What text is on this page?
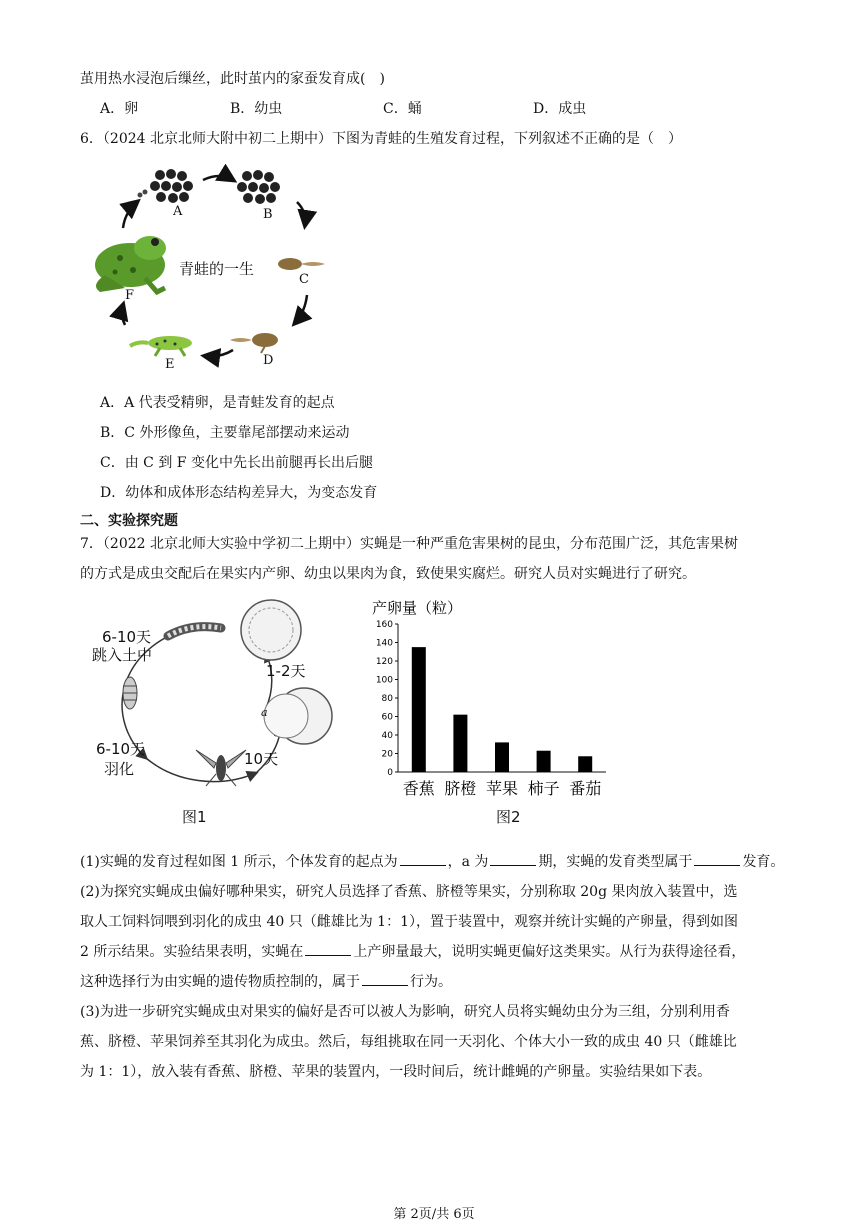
茧用热水浸泡后缫丝，此时茧内的家蚕发育成(　)
A．卵	B．幼虫	C．蛹	D．成虫
6．（2024 北京北师大附中初二上期中）下图为青蛙的生殖发育过程，下列叙述不正确的是（　）
青蛙的一生
A	B
C
D
E
F
A．A 代表受精卵，是青蛙发育的起点
B．C 外形像鱼，主要靠尾部摆动来运动
C．由 C 到 F 变化中先长出前腿再长出后腿
D．幼体和成体形态结构差异大，为变态发育
二、实验探究题
7．（2022 北京北师大实验中学初二上期中）实蝇是一种严重危害果树的昆虫，分布范围广泛，其危害果树
的方式是成虫交配后在果实内产卵、幼虫以果肉为食，致使果实腐烂。研究人员对实蝇进行了研究。
6-10天
跳入土中
1-2天
6-10天
羽化
10天
a
图1
产卵量（粒）
0
20
40
60
80
100
120
140
160
香蕉 脐橙 苹果 柿子 番茄
图2
(1)实蝇的发育过程如图 1 所示，个体发育的起点为	，a 为	期，实蝇的发育类型属于	发育。
(2)为探究实蝇成虫偏好哪种果实，研究人员选择了香蕉、脐橙等果实，分别称取 20g 果肉放入装置中，选
取人工饲料饲喂到羽化的成虫 40 只（雌雄比为 1：1），置于装置中，观察并统计实蝇的产卵量，得到如图
2 所示结果。实验结果表明，实蝇在	上产卵量最大，说明实蝇更偏好这类果实。从行为获得途径看，
这种选择行为由实蝇的遗传物质控制的，属于	行为。
(3)为进一步研究实蝇成虫对果实的偏好是否可以被人为影响，研究人员将实蝇幼虫分为三组，分别利用香
蕉、脐橙、苹果饲养至其羽化为成虫。然后，每组挑取在同一天羽化、个体大小一致的成虫 40 只（雌雄比
为 1：1），放入装有香蕉、脐橙、苹果的装置内，一段时间后，统计雌蝇的产卵量。实验结果如下表。
第 2页/共 6页
